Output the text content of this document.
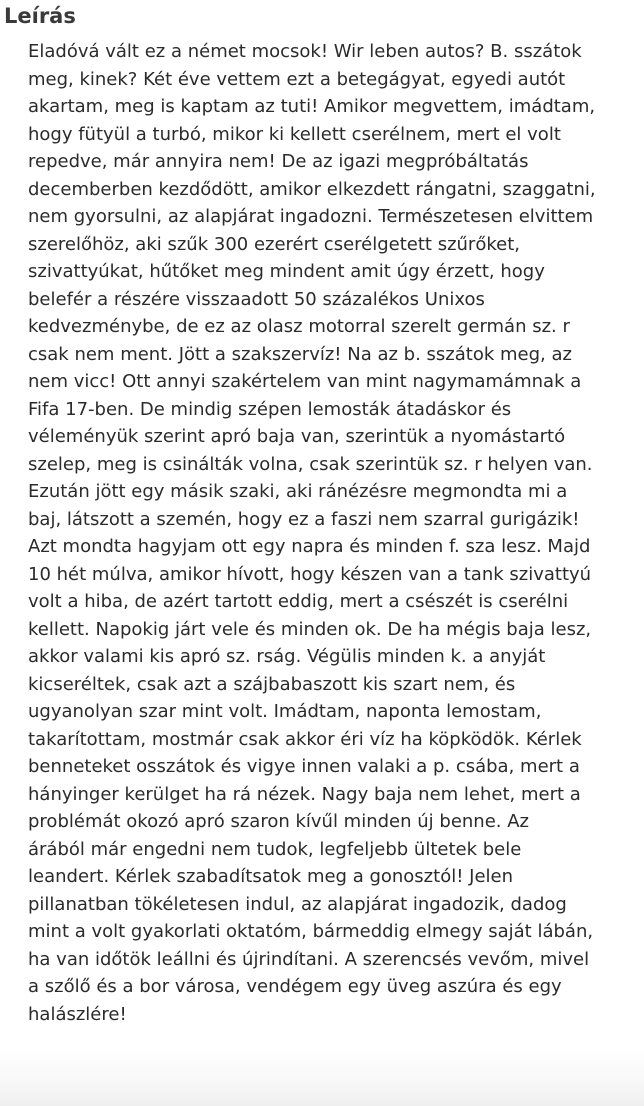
Leírás
Eladóvá vált ez a német mocsok! Wir leben autos? B. sszátok
meg, kinek? Két éve vettem ezt a betegágyat, egyedi autót
akartam, meg is kaptam az tuti! Amikor megvettem, imádtam,
hogy fütyül a turbó, mikor ki kellett cserélnem, mert el volt
repedve, már annyira nem! De az igazi megpróbáltatás
decemberben kezdődött, amikor elkezdett rángatni, szaggatni,
nem gyorsulni, az alapjárat ingadozni. Természetesen elvittem
szerelőhöz, aki szűk 300 ezerért cserélgetett szűrőket,
szivattyúkat, hűtőket meg mindent amit úgy érzett, hogy
belefér a részére visszaadott 50 százalékos Unixos
kedvezménybe, de ez az olasz motorral szerelt germán sz. r
csak nem ment. Jött a szakszervíz! Na az b. sszátok meg, az
nem vicc! Ott annyi szakértelem van mint nagymamámnak a
Fifa 17-ben. De mindig szépen lemosták átadáskor és
véleményük szerint apró baja van, szerintük a nyomástartó
szelep, meg is csinálták volna, csak szerintük sz. r helyen van.
Ezután jött egy másik szaki, aki ránézésre megmondta mi a
baj, látszott a szemén, hogy ez a faszi nem szarral gurigázik!
Azt mondta hagyjam ott egy napra és minden f. sza lesz. Majd
10 hét múlva, amikor hívott, hogy készen van a tank szivattyú
volt a hiba, de azért tartott eddig, mert a csészét is cserélni
kellett. Napokig járt vele és minden ok. De ha mégis baja lesz,
akkor valami kis apró sz. rság. Végülis minden k. a anyját
kicseréltek, csak azt a szájbabaszott kis szart nem, és
ugyanolyan szar mint volt. Imádtam, naponta lemostam,
takarítottam, mostmár csak akkor éri víz ha köpködök. Kérlek
benneteket osszátok és vigye innen valaki a p. csába, mert a
hányinger kerülget ha rá nézek. Nagy baja nem lehet, mert a
problémát okozó apró szaron kívűl minden új benne. Az
árából már engedni nem tudok, legfeljebb ültetek bele
leandert. Kérlek szabadítsatok meg a gonosztól! Jelen
pillanatban tökéletesen indul, az alapjárat ingadozik, dadog
mint a volt gyakorlati oktatóm, bármeddig elmegy saját lábán,
ha van időtök leállni és újrindítani. A szerencsés vevőm, mivel
a szőlő és a bor városa, vendégem egy üveg aszúra és egy
halászlére!
